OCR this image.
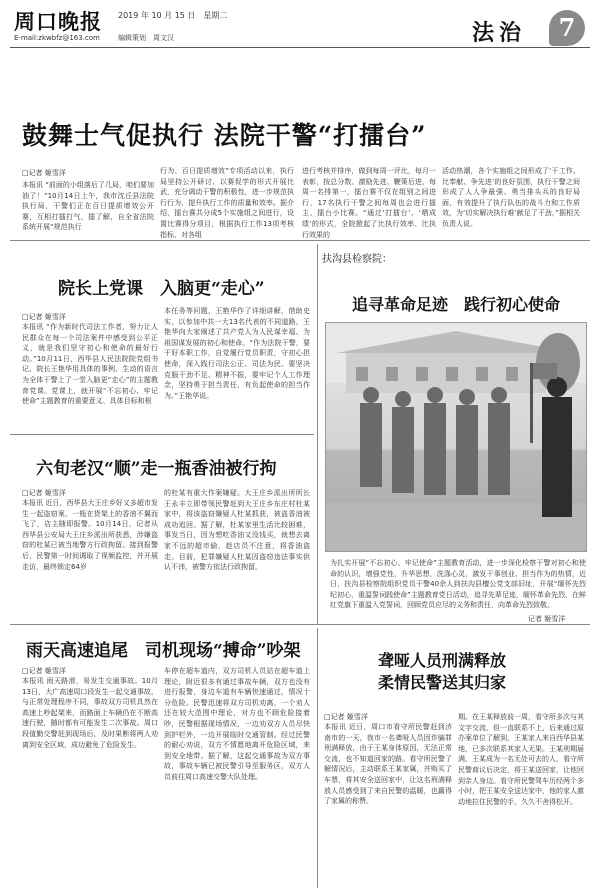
周口晚报 2019 年 10 月 15 日　星期二
E-mail:zkwbfz@163.com	编辑策划　周文汉	法治	7
鼓舞士气促执行 法院干警“打擂台”
□记者 姬雪洋
本报讯 “前面的小组落后了几局，咱们要加油了！”10月14日上午，我市沈丘县法院执行局，干警们正在百日提质增效公开赛，互相打擂打气，擂了解，自全省法院系统开展“规范执行
行为、百日提质增效”专项活动以来，执行局坚持公开研讨、以赛促学的形式开展比武，充分调动干警的积极性，进一步规范执行行为，提升执行工作的质量和效率。据介绍，擂台赛共分成5个实施组之间进行，设置比赛得分项目，根据执行工作13项考核指标，对各组
进行考核并排序，做到每周一评比，每月一表彰，按总分数、激励先进、鞭策后进，每周一名排第一，擂台赛不仅在组别之间进行，17名执行干警之间每周也会进行擂主、擂台小比赛。“通过‘打擂台’、‘晒成绩’的形式，全院掀起了比执行效率、比执行效果的
活动热潮，各个实施组之间形成了‘干工作、比奉献、争先进’的良好氛围，执行干警之间形成了人人争最强、勇当排头兵的良好局面，有效提升了执行队伍的战斗力和工作质效，为‘切实解决执行难’献足了干劲，”据相关负责人说。
院长上党课　入脑更“走心”
□记者 姬雪洋
本报讯 “作为新时代司法工作者，努力让人民群众在每一个司法案件中感受到公平正义，就是我们坚守初心和使命的最好行动。”10月11日，西华县人民法院院党组书记、院长王艳华用具体的事例、生动的语言为全体干警上了一堂入脑更“走心”的主题教育党课。党课上，就开展“不忘初心、牢记使命”主题教育的重要意义、具体目标和根
本任务等问题，王艳华作了详细讲解，借助史实，以参加中共一大13名代表的不同道路，王艳华向大家阐述了共产党人为人民谋幸福、为祖国谋发展的初心和使命。“作为法院干警，要干好本职工作，自觉履行党员职责，守初心担使命，深入践行司法公正、司法为民。要坚决克服干劲不足、精神不振，要牢记个人工作理念，坚持勇于担当责任，有负起使命的担当作为。”王艳华说。
六旬老汉“顺”走一瓶香油被行拘
□记者 姬雪洋
本报讯 近日，西华县大王庄乡好又多超市发生一起盗窃案，一瓶在货架上的香油不翼而飞了，店主随即报警。10月14日，记者从西华县公安局大王庄乡派出所获悉，涉嫌盗窃的杜某已被当地警方行政拘留。接到报警后，民警第一时间调取了视频监控，并开展走访，最终锁定64岁
的杜某有重大作案嫌疑。大王庄乡派出所所长王永丰立即带领民警赶到大王庄乡东庄村杜某家中，将该盗窃嫌疑人杜某抓获，被盗香油被成功追回。据了解，杜某家里生活比较困难，事发当日，因为想吃香油又没钱买，就想去离家不远的超市偷，趁店员不注意，将香油盗走。目前，犯罪嫌疑人杜某因盗窃违法事实供认不讳，被警方依法行政拘留。
扶沟县检察院：
追寻革命足迹　践行初心使命
为扎实开展“不忘初心、牢记使命”主题教育活动，进一步深化检察干警对初心和使命的认识，增强党性，升华思想，洗涤心灵，激发干事创业、担当作为的热情，近日，扶沟县检察院组织党员干警40余人到扶沟县檀公党支部旧址，开展“缅怀先烈纪初心，重温誓词践使命”主题教育党日活动，追寻先辈足迹，缅怀革命先烈，在鲜红党旗下重温入党誓词，回顾党员应尽的义务和责任，向革命先烈致敬。
记者 姬雪洋
雨天高速追尾　司机现场“搏命”吵架
□记者 姬雪洋
本报讯 雨天路滑，易发生交通事故。10月13日，大广高速周口段发生一起交通事故，与正常处理程序不同，事故双方司机具然在高速上吵起架来，而路面上车辆仍在不断高速行驶，随时都有可能发生二次事故。周口段值勤交警赶到现场后，及时果断将两人劝离到安全区域，成功避免了危险发生。
车停在超车道内，双方司机人员站在超车道上理论，附近很多有通过事故车辆，双方也没有进行报警，身边车道有车辆快速通过，情况十分危险。民警迅速将双方司机劝离，一个劝人还在较大范围中理论，对方也不顾危险接着吵，民警根据现场情况，一边劝双方人员尽快到护栏外，一边开展临时交通管制。经过民警的耐心劝说，双方不情愿地离开危险区域，来到安全地带。据了解，这起交通事故为双方事故，事故车辆已被民警引导至服务区，双方人员前往周口高速交警大队处理。
聋哑人员刑满释放
柔情民警送其归家
□记者 姬雪洋
本报讯 近日，周口市看守所民警赶到济南市的一天，我市一名聋哑人员因诈骗罪刑满释放，由于王某身体原因，无法正常交流，也不知道回家的路。看守所民警了解情况后，主动联系王某家属，并购买了车票，将其安全送回家中，让这名刑满释放人员感受到了来自民警的温暖，也赢得了家属的称赞。
期。在王某释放前一周，看守所多次与其文字交流，但一直联系不上，后来通过原办案单位了解到，王某家人来自西华县某地，已多次联系其家人无果。王某刑期届满，王某成为一名无处可去的人，看守所民警商议后决定，将王某送回家，让他回到亲人身边。看守所民警驾车历经两个多小时，把王某安全送达家中，他的家人激动地拉住民警的手，久久不舍得松开。
